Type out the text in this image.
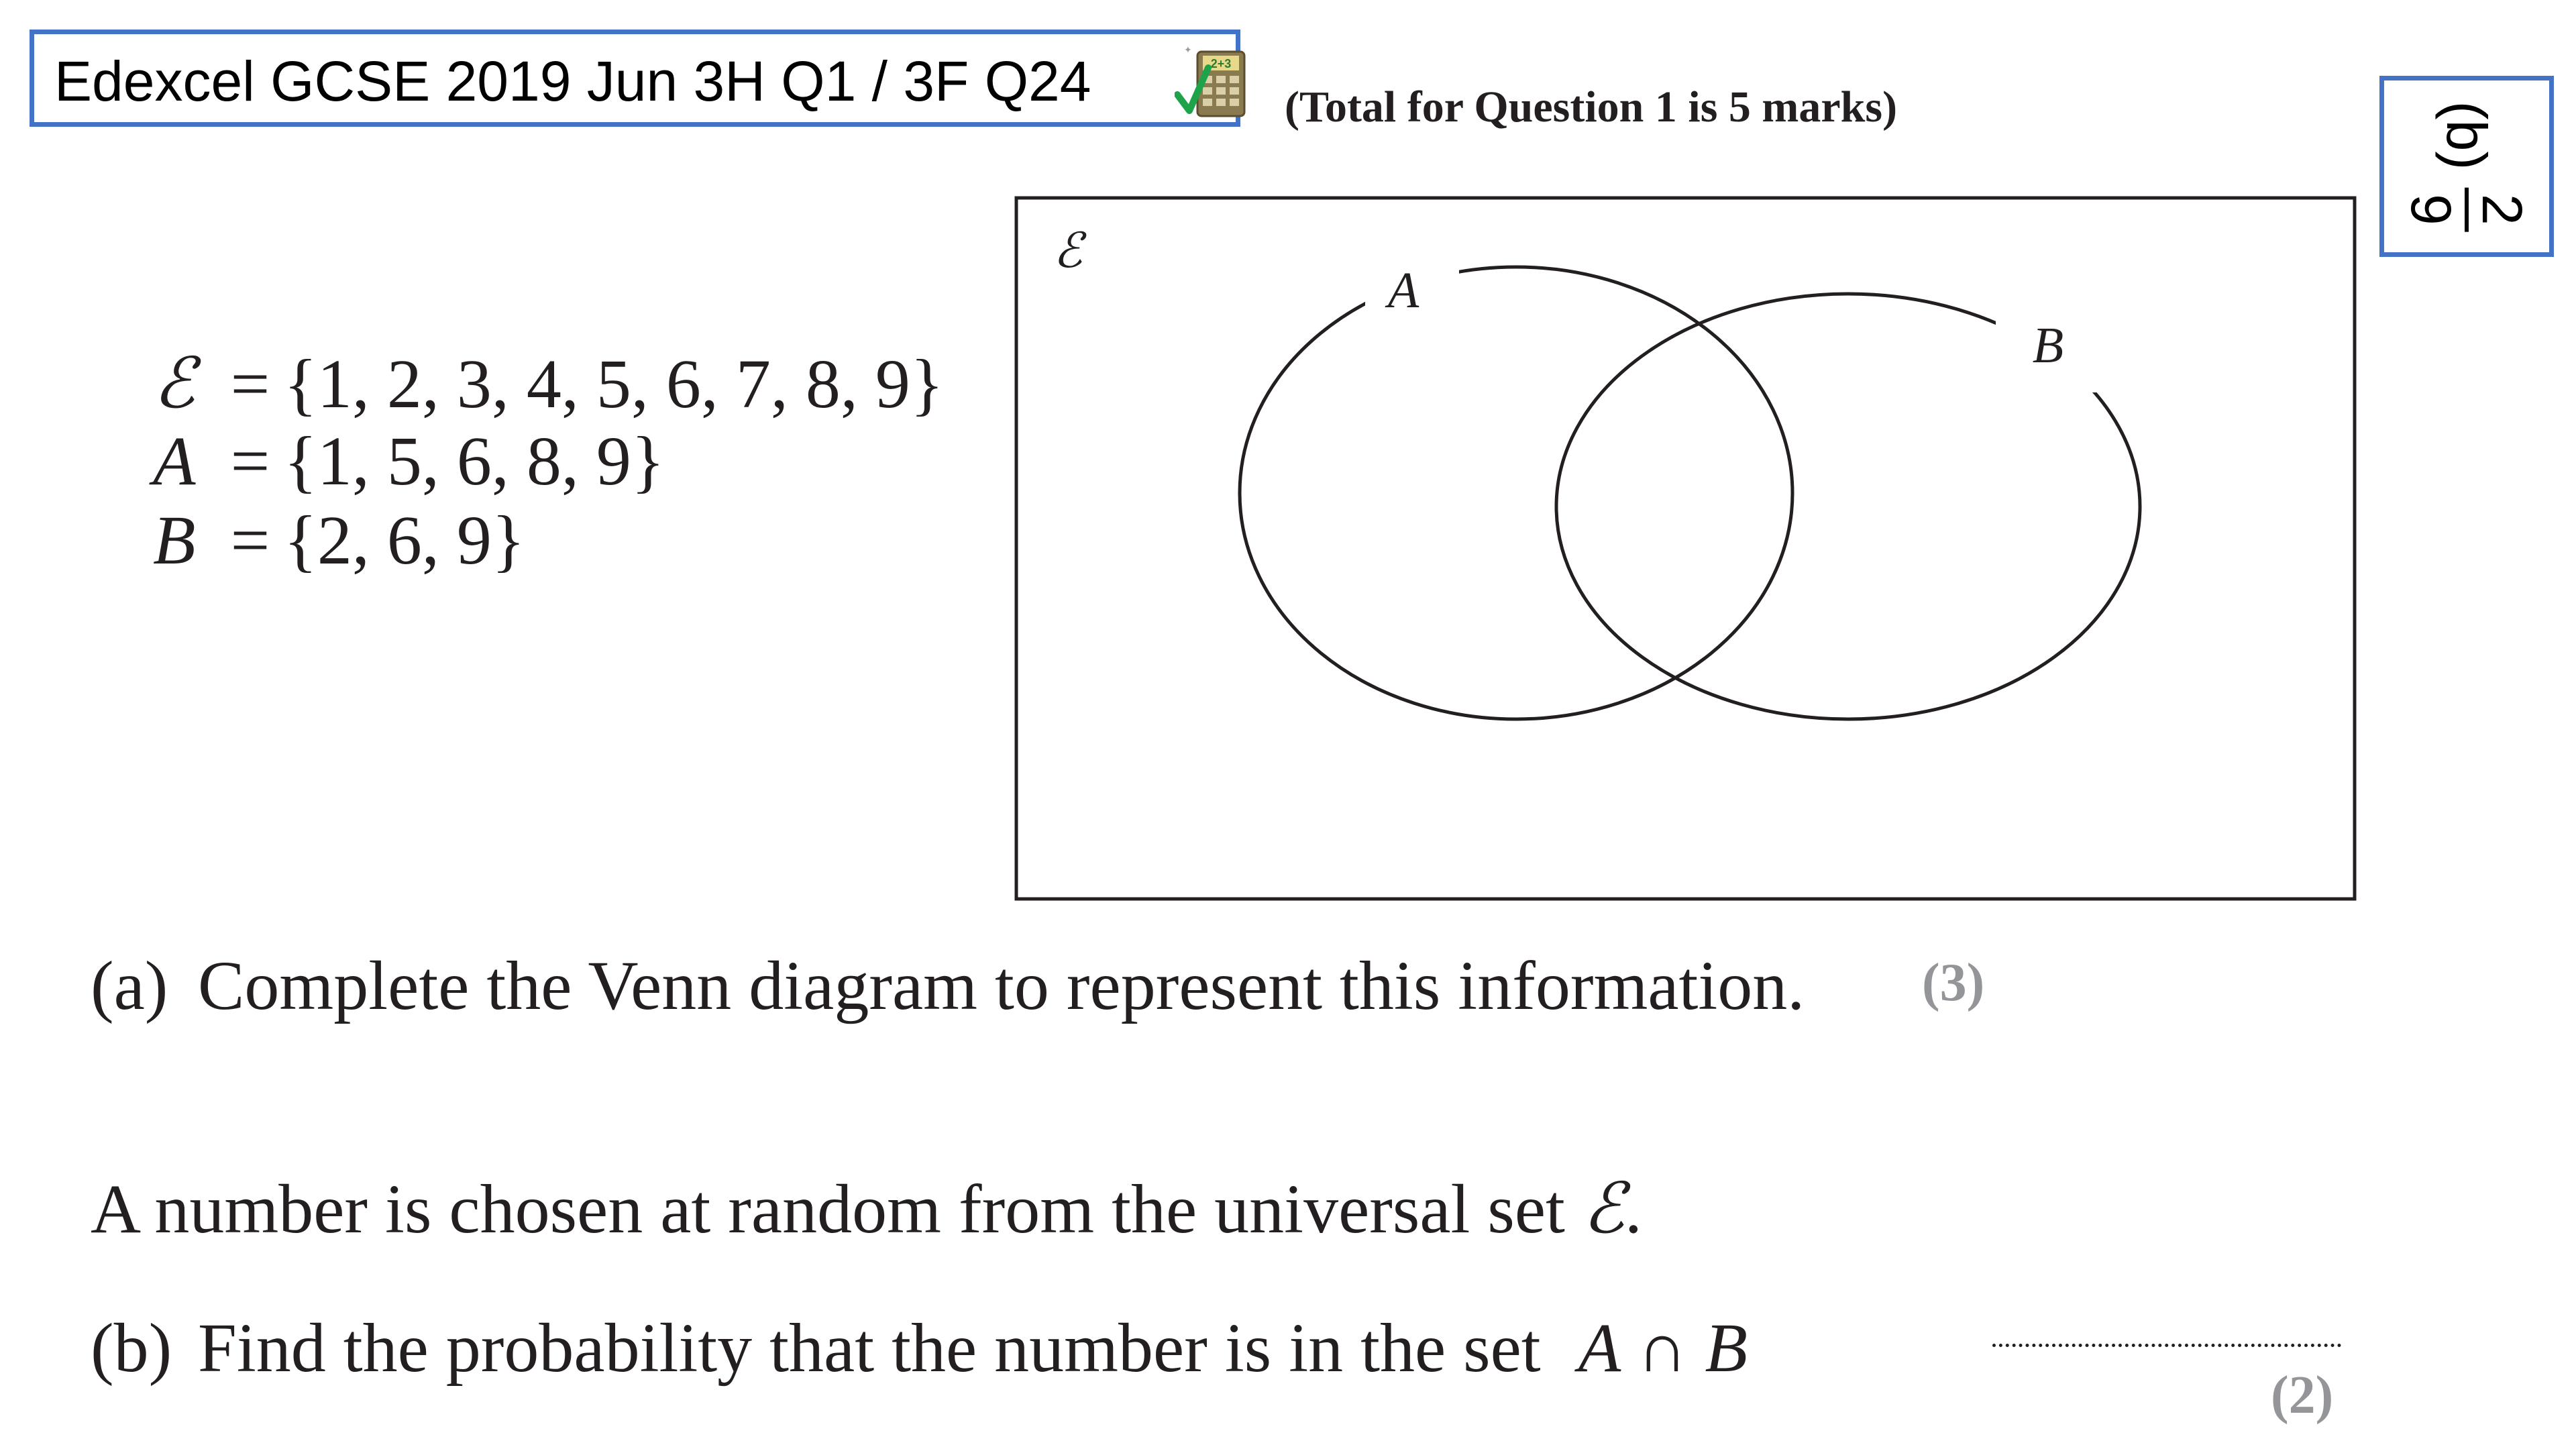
Edexcel GCSE 2019 Jun 3H Q1 / 3F Q24	2+3
✦
(Total for Question 1 is 5 marks)	(b)
2
9
ℰ = {1, 2, 3, 4, 5, 6, 7, 8, 9}
A = {1, 5, 6, 8, 9}
B = {2, 6, 9}
ℰ
A
B
(a) Complete the Venn diagram to represent this information. (3)
A number is chosen at random from the universal set ℰ.
(b) Find the probability that the number is in the set A ∩ B
(2)
